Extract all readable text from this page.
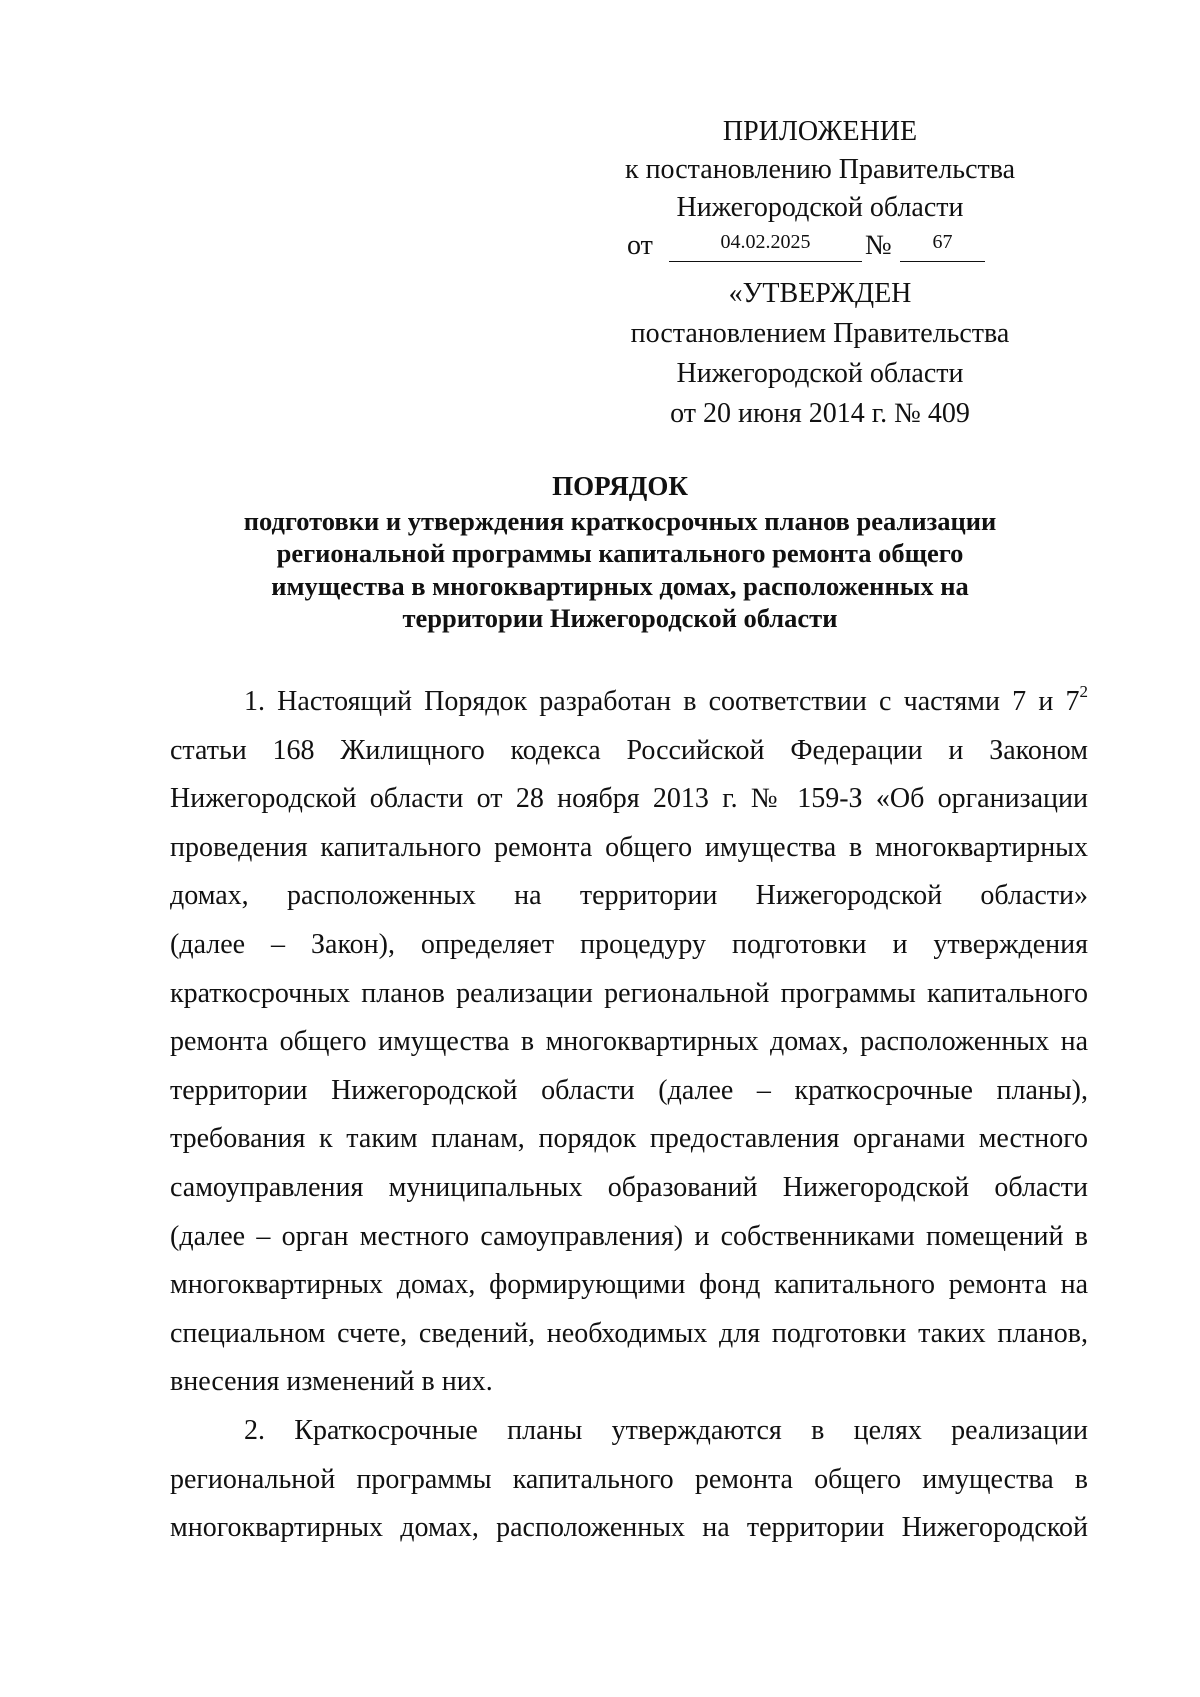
ПРИЛОЖЕНИЕ
к постановлению Правительства
Нижегородской области
от	04.02.2025	№	67
«УТВЕРЖДЕН
постановлением Правительства
Нижегородской области
от 20 июня 2014 г. № 409
ПОРЯДОК
подготовки и утверждения краткосрочных планов реализации
региональной программы капитального ремонта общего
имущества в многоквартирных домах, расположенных на
территории Нижегородской области
1. Настоящий Порядок разработан в соответствии с частями 7 и $7^2$
статьи 168 Жилищного кодекса Российской Федерации и Законом
Нижегородской области от 28 ноября 2013 г. № 159-З «Об организации
проведения капитального ремонта общего имущества в многоквартирных
домах, расположенных на территории Нижегородской области»
(далее – Закон), определяет процедуру подготовки и утверждения
краткосрочных планов реализации региональной программы капитального
ремонта общего имущества в многоквартирных домах, расположенных на
территории Нижегородской области (далее – краткосрочные планы),
требования к таким планам, порядок предоставления органами местного
самоуправления муниципальных образований Нижегородской области
(далее – орган местного самоуправления) и собственниками помещений в
многоквартирных домах, формирующими фонд капитального ремонта на
специальном счете, сведений, необходимых для подготовки таких планов,
внесения изменений в них.
2. Краткосрочные планы утверждаются в целях реализации
региональной программы капитального ремонта общего имущества в
многоквартирных домах, расположенных на территории Нижегородской
